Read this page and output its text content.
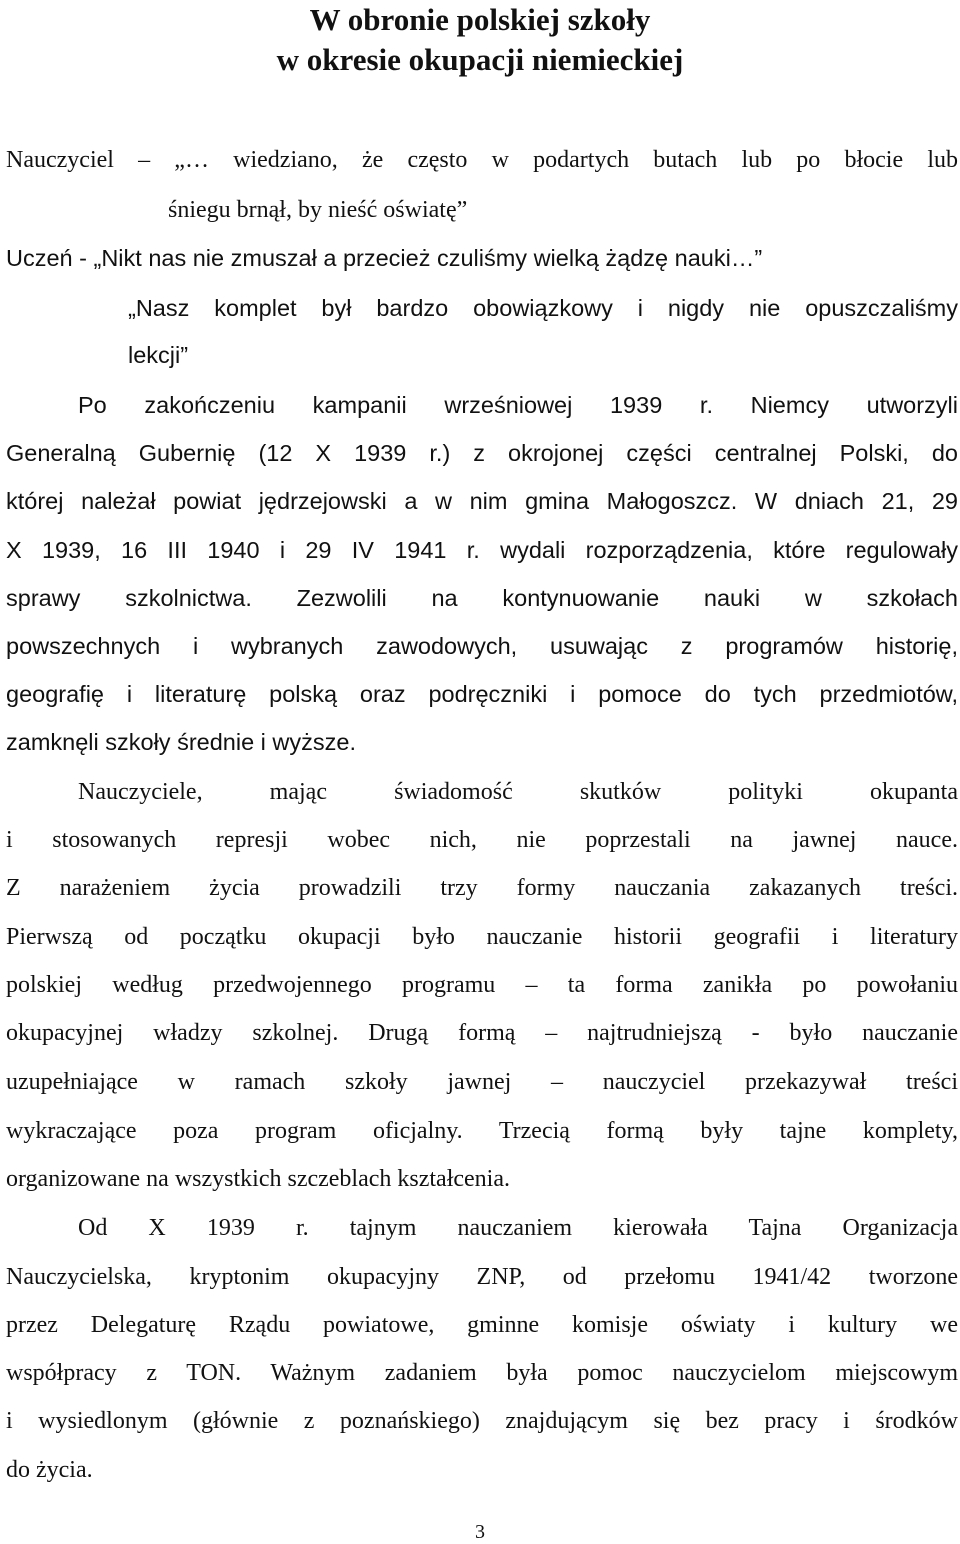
W obronie polskiej szkoły
w okresie okupacji niemieckiej
Nauczyciel – „… wiedziano, że często w podartych butach lub po błocie lub
śniegu brnął, by nieść oświatę”
Uczeń - „Nikt nas nie zmuszał a przecież czuliśmy wielką żądzę nauki…”
„Nasz komplet był bardzo obowiązkowy i nigdy nie opuszczaliśmy
lekcji”
Po zakończeniu kampanii wrześniowej 1939 r. Niemcy utworzyli
Generalną Gubernię (12 X 1939 r.) z okrojonej części centralnej Polski, do
której należał powiat jędrzejowski a w nim gmina Małogoszcz. W dniach 21, 29
X 1939, 16 III 1940 i 29 IV 1941 r. wydali rozporządzenia, które regulowały
sprawy szkolnictwa. Zezwolili na kontynuowanie nauki w szkołach
powszechnych i wybranych zawodowych, usuwając z programów historię,
geografię i literaturę polską oraz podręczniki i pomoce do tych przedmiotów,
zamknęli szkoły średnie i wyższe.
Nauczyciele, mając świadomość skutków polityki okupanta
i stosowanych represji wobec nich, nie poprzestali na jawnej nauce.
Z narażeniem życia prowadzili trzy formy nauczania zakazanych treści.
Pierwszą od początku okupacji było nauczanie historii geografii i literatury
polskiej według przedwojennego programu – ta forma zanikła po powołaniu
okupacyjnej władzy szkolnej. Drugą formą – najtrudniejszą - było nauczanie
uzupełniające w ramach szkoły jawnej – nauczyciel przekazywał treści
wykraczające poza program oficjalny. Trzecią formą były tajne komplety,
organizowane na wszystkich szczeblach kształcenia.
Od X 1939 r. tajnym nauczaniem kierowała Tajna Organizacja
Nauczycielska, kryptonim okupacyjny ZNP, od przełomu 1941/42 tworzone
przez Delegaturę Rządu powiatowe, gminne komisje oświaty i kultury we
współpracy z TON. Ważnym zadaniem była pomoc nauczycielom miejscowym
i wysiedlonym (głównie z poznańskiego) znajdującym się bez pracy i środków
do życia.
3
